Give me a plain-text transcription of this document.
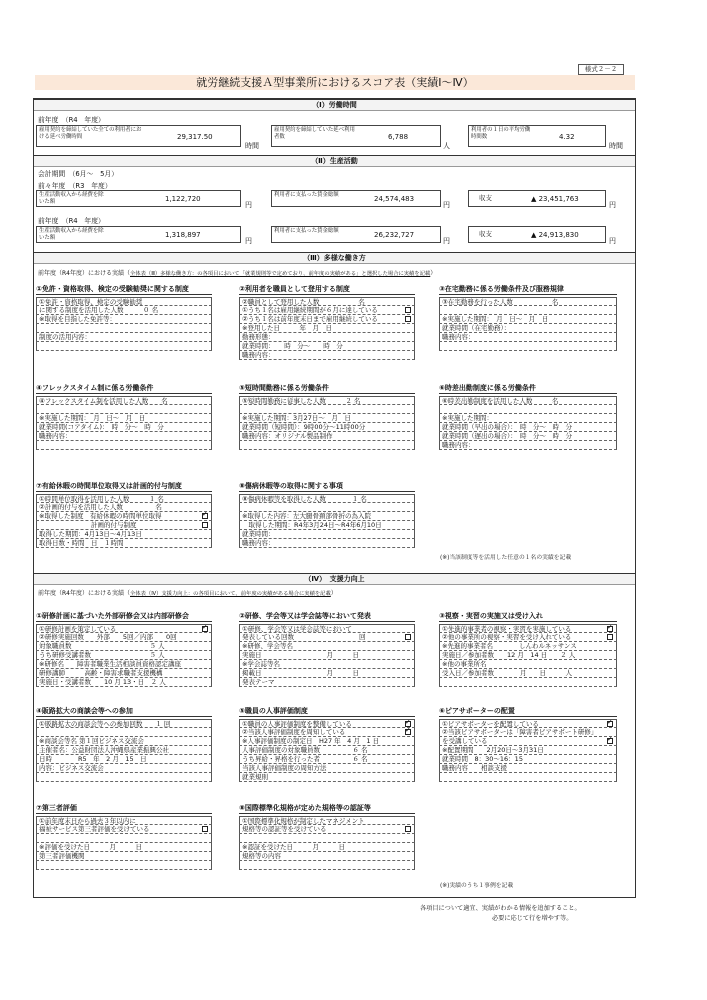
様式２－２
就労継続支援Ａ型事業所におけるスコア表（実績Ⅰ～Ⅳ）
（Ⅰ）労働時間
前年度　（R4　年度）
雇用契約を締結していた全ての利用者における延べ労働時間	29,317.50
時間
雇用契約を締結していた延べ利用者数	6,788
人
利用者の１日の平均労働時間数	4.32
時間
（Ⅱ）生産活動
会計期間　（6月～　5月）
前々年度　（R3　年度）
生産活動収入から経費を除いた額	1,122,720
円
利用者に支払った賃金総額	24,574,483
円
収支	▲ 23,451,763
円
前年度　（R4　年度）
生産活動収入から経費を除いた額	1,318,897
円
利用者に支払った賃金総額	26,232,727
円
収支	▲ 24,913,830
円
（Ⅲ）多様な働き方
前年度（R4年度）における実績（全体表（Ⅲ）多様な働き方：の各項目において「就業規則等で定めており、前年度の実績がある」と選択した場合に実績を記載）
①免許・資格取得、検定の受験勧奨に関する制度
①免許・資格取得、検定の受験勧奨
に関する制度を活用した人数　　　０ 名
※取得を目指した免許等：
制度の活用内容：
②利用者を職員として登用する制度
②職員として登用した人数　　　　　　名
①うち１名は雇用継続期間が６月に達している
②うち１名は前年度末日まで雇用継続している
※登用した日　　　年　月　日
勤務形態：
就業時間：　　時　分～　　時　分
職務内容：
③在宅勤務に係る労働条件及び服務規律
③在宅勤務を行った人数　　　　　　名
※実施した期間：　月　日～　月　日
就業時間（在宅勤務）：
職務内容：
④フレックスタイム制に係る労働条件
④フレックスタイム制を活用した人数　　名
※実施した期間：　月　日～　月　日
就業時間(コアタイム)：　時　分～　時　分
職務内容：
⑤短時間勤務に係る労働条件
⑤短時間勤務に従事した人数　　　２ 名
※実施した期間：3月27日～　月　日
就業時間（短時間）：9時00分～11時00分
職務内容：オリジナル製品制作
⑥時差出勤制度に係る労働条件
⑥時差出勤制度を活用した人数　　　名
※実施した期間：
就業時間（早出の場合）：　時　分～　時　分
就業時間（遅出の場合）：　時　分～　時　分
職務内容：
⑦有給休暇の時間単位取得又は計画的付与制度
①時間単位取得を活用した人数　　　１ 名
②計画的付与を活用した人数　　　　　名
※取得した制度　有給休暇の時間単位取得
✓
　　　　　　　　計画的付与制度
取得した期間：4月13日～4月13日
取得日数・時間　日　１時間
⑧傷病休暇等の取得に関する事項
⑧傷病休暇等を取得した人数　　　　１ 名
※取得した内容：左大腿骨頚部骨折の為入院
　取得した期間：R4年3月24日～R4年6月10日
就業時間：
職務内容：
(※)当該制度等を活用した任意の１名の実績を記載
（Ⅳ）　支援力向上
前年度（R4年度）における実績（全体表（Ⅳ）支援力向上：の各項目において、前年度の実績がある場合に実績を記載）
①研修計画に基づいた外部研修会又は内部研修会
①研修計画を策定している
✓
②研修実施回数　　外部　　5回／内部　　0回
対象職員数　　　　　　　　　　　　５ 人
うち研修受講者数　　　　　　　　　５ 人
※研修名　　障害者職業生活相談員資格認定講座
研修講師　　　高齢・障害求職者支援機構
実施日・受講者数　　10 月 13・日　２ 人
②研修、学会等又は学会誌等において発表
①研修、学会等又は学会誌等において
発表している回数　　　　　　　　　　回
※研修、学会等名
実施日　　　　　　　　　　月　　　日
※学会誌等名
掲載日　　　　　　　　　　月　　　日
発表テーマ
③視察・実習の実施又は受け入れ
①先進的事業者の視察・実習を実施している
✓
②他の事業所の視察・実習を受け入れている
※先進的事業者名　　　　しんわルネッサンス
実施日／参加者数　　12 月　14 日　　２ 人
※他の事業所名
受入日／参加者数　　　　月　　日　　　人
④販路拡大の商談会等への参加
①販路拡大の商談会等への参加回数　　１ 回
※商談会等名 第１回ビジネス交流会
主催者名：公益財団法人沖縄県産業振興公社
日時　　　　R5　年　2 月　15　日
内容：ビジネス交流会
⑤職員の人事評価制度
①職員の人事評価制度を整備している
✓
②当該人事評価制度を周知している
✓
※人事評価制度の制定日　H27 年　4 月　1 日
人事評価制度の対象職員数　　　　　６ 名
うち昇給・昇格を行った者　　　　　６ 名
当該人事評価制度の周知方法
就業規則
⑥ピアサポーターの配置
①ピアサポーターを配置している
✓
②当該ピアサポーターは「障害者ピアサポート研修」
を受講している
✓
※配置期間　　2月20日～3月31日
就業時間　8：30～16：15
職務内容　　相談支援
⑦第三者評価
①前年度末日から過去３年以内に
福祉サービス第三者評価を受けている
※評価を受けた日　　　月　　　日
第三者評価機関
⑧国際標準化規格が定めた規格等の認証等
①国際標準化規格が制定したマネジメント
規格等の認証等を受けている
※認証を受けた日　　　月　　　日
規格等の内容
(※)実績のうち１事例を記載
各項目について適宜、実績がわかる情報を追加すること。
必要に応じて行を増やす等。
